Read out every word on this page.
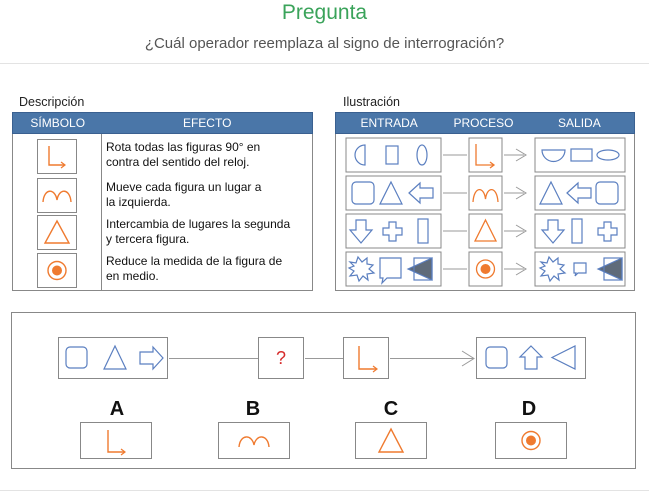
Pregunta
¿Cuál operador reemplaza al signo de interrogración?
Descripción
SÍMBOLO	EFECTO
Rota todas las figuras 90° en
contra del sentido del reloj.
Mueve cada figura un lugar a
la izquierda.
Intercambia de lugares la segunda
y tercera figura.
Reduce la medida de la figura de
en medio.
Ilustración
ENTRADA	PROCESO	SALIDA
?
A	B	C	D
